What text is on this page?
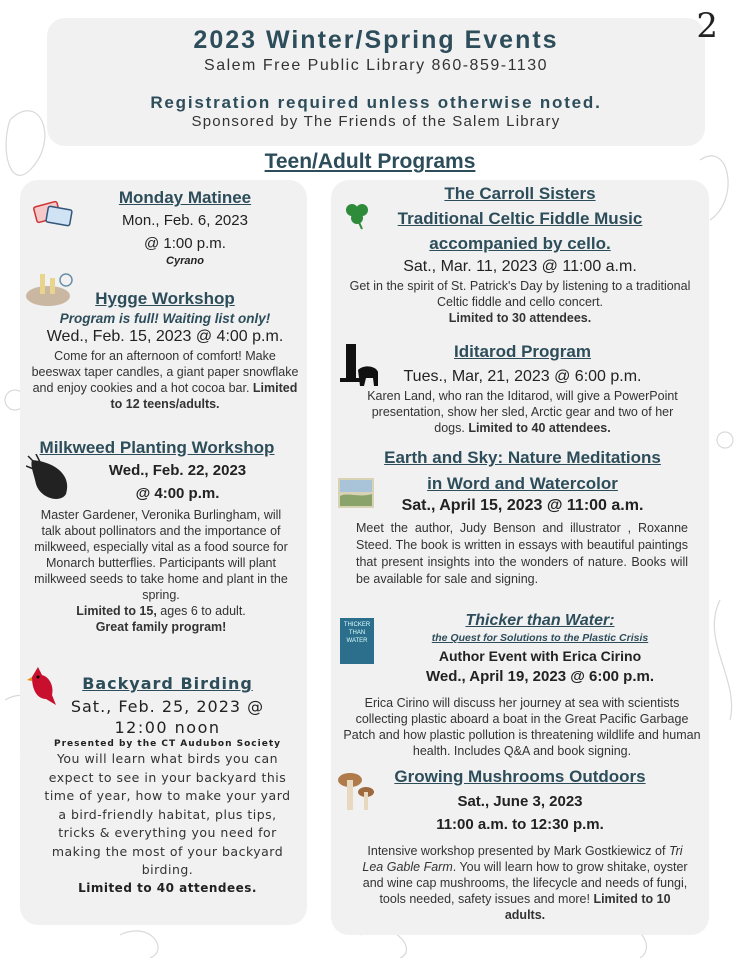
2023 Winter/Spring Events
Salem Free Public Library 860-859-1130
Registration required unless otherwise noted.
Sponsored by The Friends of the Salem Library
2
Teen/Adult Programs
Monday Matinee
Mon., Feb. 6, 2023
@ 1:00 p.m.
Cyrano
Hygge Workshop
Program is full! Waiting list only!
Wed., Feb. 15, 2023 @ 4:00 p.m.
Come for an afternoon of comfort! Make beeswax taper candles, a giant paper snowflake and enjoy cookies and a hot cocoa bar. Limited to 12 teens/adults.
Milkweed Planting Workshop
Wed., Feb. 22, 2023
@ 4:00 p.m.
Master Gardener, Veronika Burlingham, will talk about pollinators and the importance of milkweed, especially vital as a food source for Monarch butterflies. Participants will plant milkweed seeds to take home and plant in the spring.
Limited to 15, ages 6 to adult.
Great family program!
Backyard Birding
Sat., Feb. 25, 2023 @
12:00 noon
Presented by the CT Audubon Society
You will learn what birds you can expect to see in your backyard this time of year, how to make your yard a bird-friendly habitat, plus tips, tricks & everything you need for making the most of your backyard birding.
Limited to 40 attendees.
The Carroll Sisters
Traditional Celtic Fiddle Music
accompanied by cello.
Sat., Mar. 11, 2023 @ 11:00 a.m.
Get in the spirit of St. Patrick's Day by listening to a traditional Celtic fiddle and cello concert.
Limited to 30 attendees.
Iditarod Program
Tues., Mar, 21, 2023 @ 6:00 p.m.
Karen Land, who ran the Iditarod, will give a PowerPoint presentation, show her sled, Arctic gear and two of her dogs. Limited to 40 attendees.
Earth and Sky: Nature Meditations
in Word and Watercolor
Sat., April 15, 2023 @ 11:00 a.m.
Meet the author, Judy Benson and illustrator , Roxanne Steed. The book is written in essays with beautiful paintings that present insights into the wonders of nature. Books will be available for sale and signing.
THICKER THAN WATER
Thicker than Water:
the Quest for Solutions to the Plastic Crisis
Author Event with Erica Cirino
Wed., April 19, 2023 @ 6:00 p.m.
Erica Cirino will discuss her journey at sea with scientists collecting plastic aboard a boat in the Great Pacific Garbage Patch and how plastic pollution is threatening wildlife and human health. Includes Q&A and book signing.
Growing Mushrooms Outdoors
Sat., June 3, 2023
11:00 a.m. to 12:30 p.m.
Intensive workshop presented by Mark Gostkiewicz of Tri Lea Gable Farm. You will learn how to grow shitake, oyster and wine cap mushrooms, the lifecycle and needs of fungi, tools needed, safety issues and more! Limited to 10 adults.
